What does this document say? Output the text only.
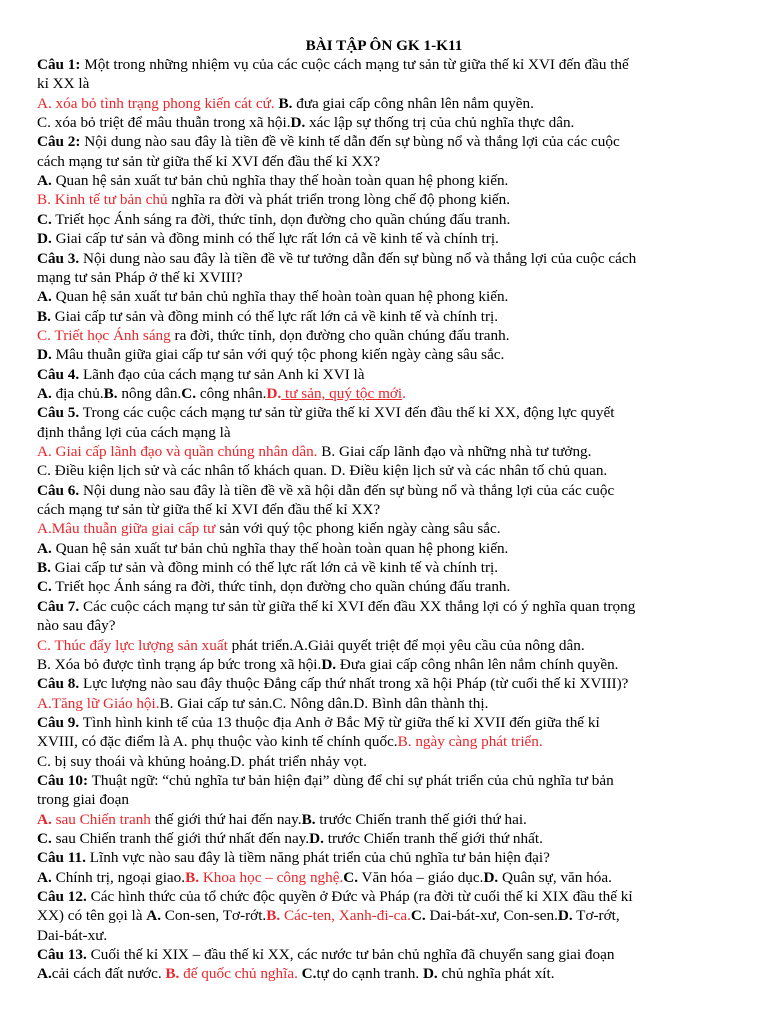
BÀI TẬP ÔN GK 1-K11
Câu 1: Một trong những nhiệm vụ của các cuộc cách mạng tư sản từ giữa thế kỉ XVI đến đầu thế
kỉ XX là
A. xóa bỏ tình trạng phong kiến cát cứ. B. đưa giai cấp công nhân lên nắm quyền.
C. xóa bỏ triệt để mâu thuẫn trong xã hội.D. xác lập sự thống trị của chủ nghĩa thực dân.
Câu 2: Nội dung nào sau đây là tiền đề về kinh tế dẫn đến sự bùng nổ và thắng lợi của các cuộc
cách mạng tư sản từ giữa thế kỉ XVI đến đầu thế kỉ XX?
A. Quan hệ sản xuất tư bản chủ nghĩa thay thế hoàn toàn quan hệ phong kiến.
B. Kinh tế tư bản chủ nghĩa ra đời và phát triển trong lòng chế độ phong kiến.
C. Triết học Ánh sáng ra đời, thức tỉnh, dọn đường cho quần chúng đấu tranh.
D. Giai cấp tư sản và đồng minh có thế lực rất lớn cả về kinh tế và chính trị.
Câu 3. Nội dung nào sau đây là tiền đề về tư tưởng dẫn đến sự bùng nổ và thắng lợi của cuộc cách
mạng tư sản Pháp ở thế kỉ XVIII?
A. Quan hệ sản xuất tư bản chủ nghĩa thay thế hoàn toàn quan hệ phong kiến.
B. Giai cấp tư sản và đồng minh có thế lực rất lớn cả về kinh tế và chính trị.
C. Triết học Ánh sáng ra đời, thức tỉnh, dọn đường cho quần chúng đấu tranh.
D. Mâu thuẫn giữa giai cấp tư sản với quý tộc phong kiến ngày càng sâu sắc.
Câu 4. Lãnh đạo của cách mạng tư sản Anh kỉ XVI là
A. địa chủ.B. nông dân.C. công nhân.D. tư sản, quý tộc mới.
Câu 5. Trong các cuộc cách mạng tư sản từ giữa thế kỉ XVI đến đầu thế kỉ XX, động lực quyết
định thắng lợi của cách mạng là
A. Giai cấp lãnh đạo và quần chúng nhân dân. B. Giai cấp lãnh đạo và những nhà tư tưởng.
C. Điều kiện lịch sử và các nhân tố khách quan. D. Điều kiện lịch sử và các nhân tố chủ quan.
Câu 6. Nội dung nào sau đây là tiền đề về xã hội dẫn đến sự bùng nổ và thắng lợi của các cuộc
cách mạng tư sản từ giữa thế kỉ XVI đến đầu thế kỉ XX?
A.Mâu thuẫn giữa giai cấp tư sản với quý tộc phong kiến ngày càng sâu sắc.
A. Quan hệ sản xuất tư bản chủ nghĩa thay thế hoàn toàn quan hệ phong kiến.
B. Giai cấp tư sản và đồng minh có thế lực rất lớn cả về kinh tế và chính trị.
C. Triết học Ánh sáng ra đời, thức tỉnh, dọn đường cho quần chúng đấu tranh.
Câu 7. Các cuộc cách mạng tư sản từ giữa thế kỉ XVI đến đầu XX thắng lợi có ý nghĩa quan trọng
nào sau đây?
C. Thúc đẩy lực lượng sản xuất phát triển.A.Giải quyết triệt để mọi yêu cầu của nông dân.
B. Xóa bỏ được tình trạng áp bức trong xã hội.D. Đưa giai cấp công nhân lên nắm chính quyền.
Câu 8. Lực lượng nào sau đây thuộc Đẳng cấp thứ nhất trong xã hội Pháp (từ cuối thế kỉ XVIII)?
A.Tăng lữ Giáo hội.B. Giai cấp tư sản.C. Nông dân.D. Bình dân thành thị.
Câu 9. Tình hình kinh tế của 13 thuộc địa Anh ở Bắc Mỹ từ giữa thế kỉ XVII đến giữa thế kỉ
XVIII, có đặc điểm là A. phụ thuộc vào kinh tế chính quốc.B. ngày càng phát triển.
C. bị suy thoái và khủng hoảng.D. phát triển nhảy vọt.
Câu 10: Thuật ngữ: “chủ nghĩa tư bản hiện đại” dùng để chỉ sự phát triển của chủ nghĩa tư bản
trong giai đoạn
A. sau Chiến tranh thế giới thứ hai đến nay.B. trước Chiến tranh thế giới thứ hai.
C. sau Chiến tranh thế giới thứ nhất đến nay.D. trước Chiến tranh thế giới thứ nhất.
Câu 11. Lĩnh vực nào sau đây là tiềm năng phát triển của chủ nghĩa tư bản hiện đại?
A. Chính trị, ngoại giao.B. Khoa học – công nghệ.C. Văn hóa – giáo dục.D. Quân sự, văn hóa.
Câu 12. Các hình thức của tổ chức độc quyền ở Đức và Pháp (ra đời từ cuối thế kỉ XIX đầu thế kỉ
XX) có tên gọi là A. Con-sen, Tơ-rớt.B. Các-ten, Xanh-đi-ca.C. Dai-bát-xư, Con-sen.D. Tơ-rớt,
Dai-bát-xư.
Câu 13. Cuối thế kỉ XIX – đầu thế kỉ XX, các nước tư bản chủ nghĩa đã chuyển sang giai đoạn
A.cải cách đất nước. B. đế quốc chủ nghĩa. C.tự do cạnh tranh. D. chủ nghĩa phát xít.
